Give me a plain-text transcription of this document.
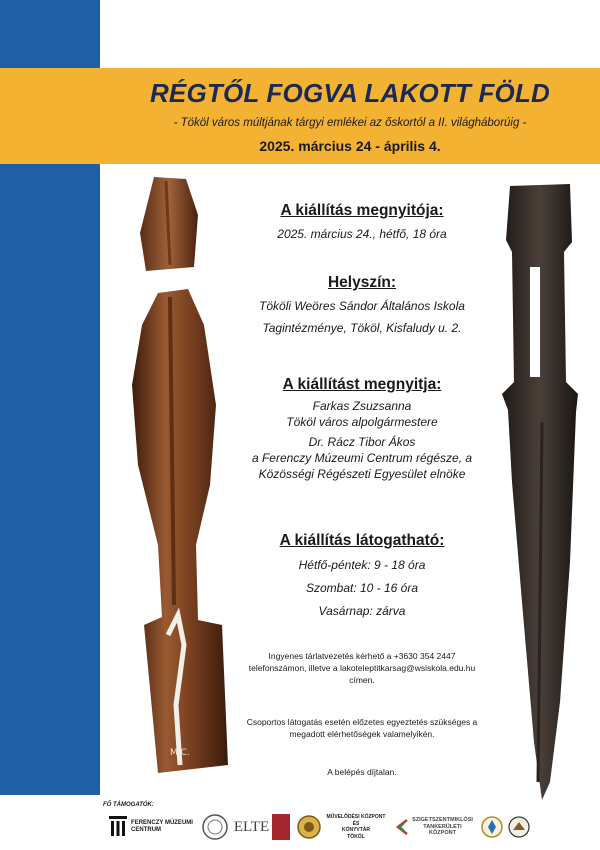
RÉGTŐL FOGVA LAKOTT FÖLD
- Tököl város múltjának tárgyi emlékei az őskortól a II. világháborúig -
2025. március 24 - április 4.
M.C.
A kiállítás megnyitója:
2025. március 24., hétfő, 18 óra
Helyszín:
Tököli Weöres Sándor Általános Iskola
Tagintézménye, Tököl, Kisfaludy u. 2.
A kiállítást megnyitja:
Farkas Zsuzsanna
Tököl város alpolgármestere
Dr. Rácz Tibor Ákos
a Ferenczy Múzeumi Centrum régésze, a
Közösségi Régészeti Egyesület elnöke
A kiállítás látogatható:
Hétfő-péntek: 9 - 18 óra
Szombat: 10 - 16 óra
Vasárnap: zárva
Ingyenes tárlatvezetés kérhető a +3630 354 2447
telefonszámon, illetve a lakoteleptitkarsag@wsiskola.edu.hu
címen.
Csoportos látogatás esetén előzetes egyeztetés szükséges a
megadott elérhetőségek valamelyikén.
A belépés díjtalan.
FŐ TÁMOGATÓK:
FERENCZY MÚZEUMI
CENTRUM	ELTE
MŰVELŐDÉSI KÖZPONT
ÉS
KÖNYVTÁR
TÖKÖL
SZIGETSZENTMIKLÓSI
TANKERÜLETI
KÖZPONT
